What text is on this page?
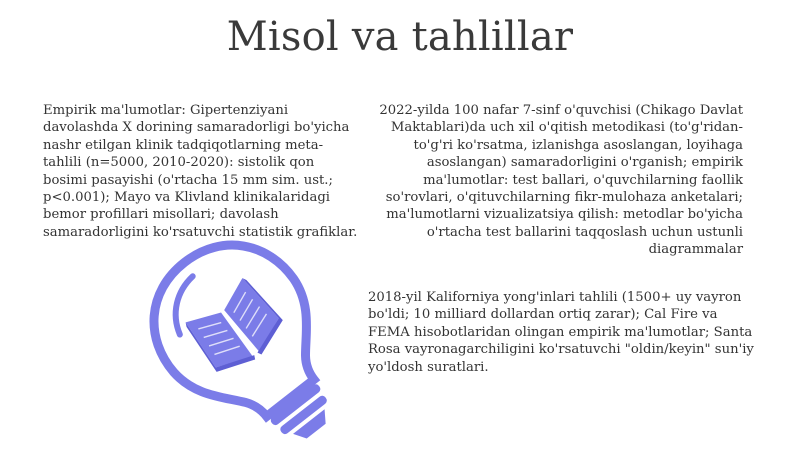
Misol va tahlillar

Empirik ma'lumotlar: Gipertenziyani davolashda X dorining samaradorligi bo'yicha nashr etilgan klinik tadqiqotlarning meta-tahlili (n=5000, 2010-2020): sistolik qon bosimi pasayishi (o'rtacha 15 mm sim. ust.; p<0.001); Mayo va Klivland klinikalaridagi bemor profillari misollari; davolash samaradorligini ko'rsatuvchi statistik grafiklar.

2022-yilda 100 nafar 7-sinf o'quvchisi (Chikago Davlat Maktablari)da uch xil o'qitish metodikasi (to'g'ridan-to'g'ri ko'rsatma, izlanishga asoslangan, loyihaga asoslangan) samaradorligini o'rganish; empirik ma'lumotlar: test ballari, o'quvchilarning faollik so'rovlari, o'qituvchilarning fikr-mulohaza anketalari; ma'lumotlarni vizualizatsiya qilish: metodlar bo'yicha o'rtacha test ballarini taqqoslash uchun ustunli diagrammalar

2018-yil Kaliforniya yong'inlari tahlili (1500+ uy vayron bo'ldi; 10 milliard dollardan ortiq zarar); Cal Fire va FEMA hisobotlaridan olingan empirik ma'lumotlar; Santa Rosa vayronagarchiligini ko'rsatuvchi "oldin/keyin" sun'iy yo'ldosh suratlari.
